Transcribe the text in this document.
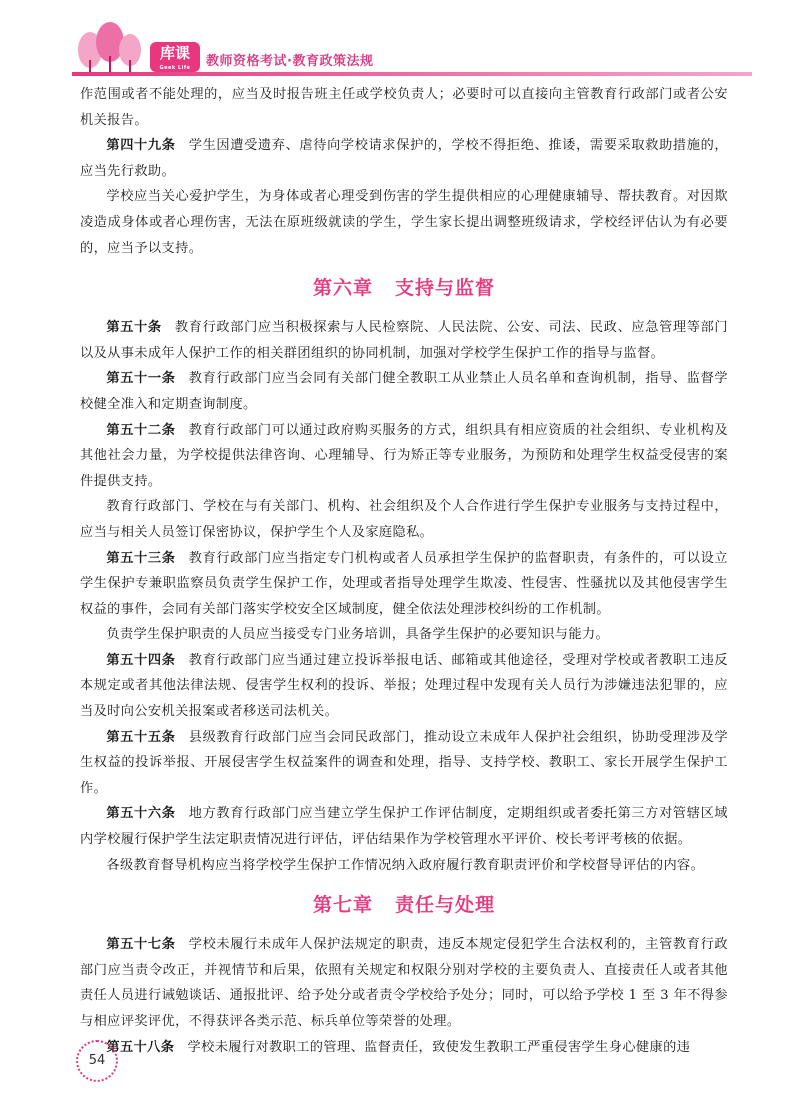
库课
Geek Life	教师资格考试·教育政策法规

作范围或者不能处理的，应当及时报告班主任或学校负责人；必要时可以直接向主管教育行政部门或者公安机关报告。

第四十九条 学生因遭受遗弃、虐待向学校请求保护的，学校不得拒绝、推诿，需要采取救助措施的，应当先行救助。

学校应当关心爱护学生，为身体或者心理受到伤害的学生提供相应的心理健康辅导、帮扶教育。对因欺凌造成身体或者心理伤害，无法在原班级就读的学生，学生家长提出调整班级请求，学校经评估认为有必要的，应当予以支持。

第六章 支持与监督

第五十条 教育行政部门应当积极探索与人民检察院、人民法院、公安、司法、民政、应急管理等部门以及从事未成年人保护工作的相关群团组织的协同机制，加强对学校学生保护工作的指导与监督。

第五十一条 教育行政部门应当会同有关部门健全教职工从业禁止人员名单和查询机制，指导、监督学校健全准入和定期查询制度。

第五十二条 教育行政部门可以通过政府购买服务的方式，组织具有相应资质的社会组织、专业机构及其他社会力量，为学校提供法律咨询、心理辅导、行为矫正等专业服务，为预防和处理学生权益受侵害的案件提供支持。

教育行政部门、学校在与有关部门、机构、社会组织及个人合作进行学生保护专业服务与支持过程中，应当与相关人员签订保密协议，保护学生个人及家庭隐私。

第五十三条 教育行政部门应当指定专门机构或者人员承担学生保护的监督职责，有条件的，可以设立学生保护专兼职监察员负责学生保护工作，处理或者指导处理学生欺凌、性侵害、性骚扰以及其他侵害学生权益的事件，会同有关部门落实学校安全区域制度，健全依法处理涉校纠纷的工作机制。

负责学生保护职责的人员应当接受专门业务培训，具备学生保护的必要知识与能力。

第五十四条 教育行政部门应当通过建立投诉举报电话、邮箱或其他途径，受理对学校或者教职工违反本规定或者其他法律法规、侵害学生权利的投诉、举报；处理过程中发现有关人员行为涉嫌违法犯罪的，应当及时向公安机关报案或者移送司法机关。

第五十五条 县级教育行政部门应当会同民政部门，推动设立未成年人保护社会组织，协助受理涉及学生权益的投诉举报、开展侵害学生权益案件的调查和处理，指导、支持学校、教职工、家长开展学生保护工作。

第五十六条 地方教育行政部门应当建立学生保护工作评估制度，定期组织或者委托第三方对管辖区域内学校履行保护学生法定职责情况进行评估，评估结果作为学校管理水平评价、校长考评考核的依据。

各级教育督导机构应当将学校学生保护工作情况纳入政府履行教育职责评价和学校督导评估的内容。

第七章 责任与处理

第五十七条 学校未履行未成年人保护法规定的职责，违反本规定侵犯学生合法权利的，主管教育行政部门应当责令改正，并视情节和后果，依照有关规定和权限分别对学校的主要负责人、直接责任人或者其他责任人员进行诫勉谈话、通报批评、给予处分或者责令学校给予处分；同时，可以给予学校 1 至 3 年不得参与相应评奖评优，不得获评各类示范、标兵单位等荣誉的处理。

第五十八条 学校未履行对教职工的管理、监督责任，致使发生教职工严重侵害学生身心健康的违

54
